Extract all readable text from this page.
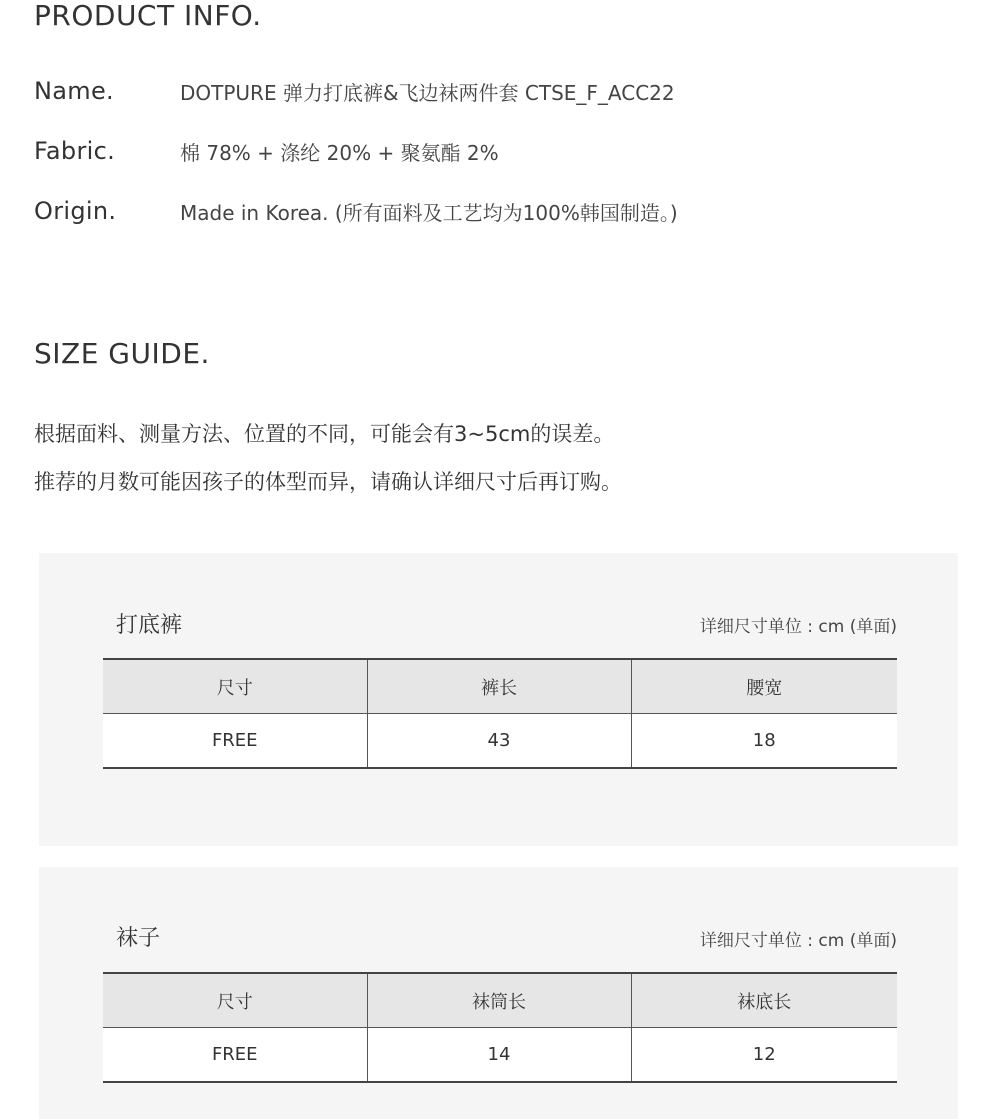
PRODUCT INFO.
Name.	DOTPURE 弹力打底裤&飞边袜两件套 CTSE_F_ACC22
Fabric.	棉 78% + 涤纶 20% + 聚氨酯 2%
Origin.	Made in Korea. (所有面料及工艺均为100%韩国制造。)
SIZE GUIDE.

根据面料、测量方法、位置的不同，可能会有3~5cm的误差。

推荐的月数可能因孩子的体型而异，请确认详细尺寸后再订购。

打底裤	详细尺寸单位 : cm (单面)
尺寸	裤长	腰宽
FREE	43	18
袜子	详细尺寸单位 : cm (单面)
尺寸	袜筒长	袜底长
FREE	14	12
